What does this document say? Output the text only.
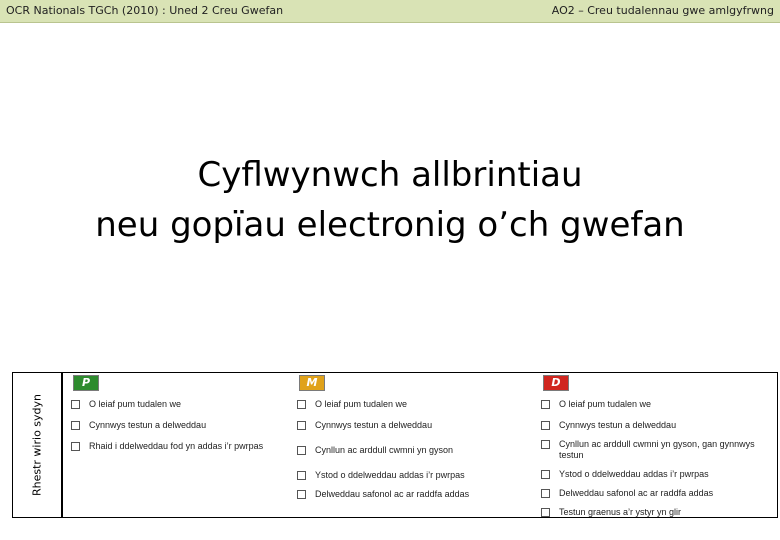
OCR Nationals TGCh (2010) : Uned 2 Creu Gwefan	AO2 – Creu tudalennau gwe amlgyfrwng
Cyflwynwch allbrintiau
neu gopïau electronig o’ch gwefan
Rhestr wirio sydyn
P
O leiaf pum tudalen we
Cynnwys testun a delweddau
Rhaid i ddelweddau fod yn addas i’r pwrpas
M
O leiaf pum tudalen we
Cynnwys testun a delweddau
Cynllun ac arddull cwmni yn gyson
Ystod o ddelweddau addas i’r pwrpas
Delweddau safonol ac ar raddfa addas
D
O leiaf pum tudalen we
Cynnwys testun a delweddau
Cynllun ac arddull cwmni yn gyson, gan gynnwys testun
Ystod o ddelweddau addas i’r pwrpas
Delweddau safonol ac ar raddfa addas
Testun graenus a’r ystyr yn glir
